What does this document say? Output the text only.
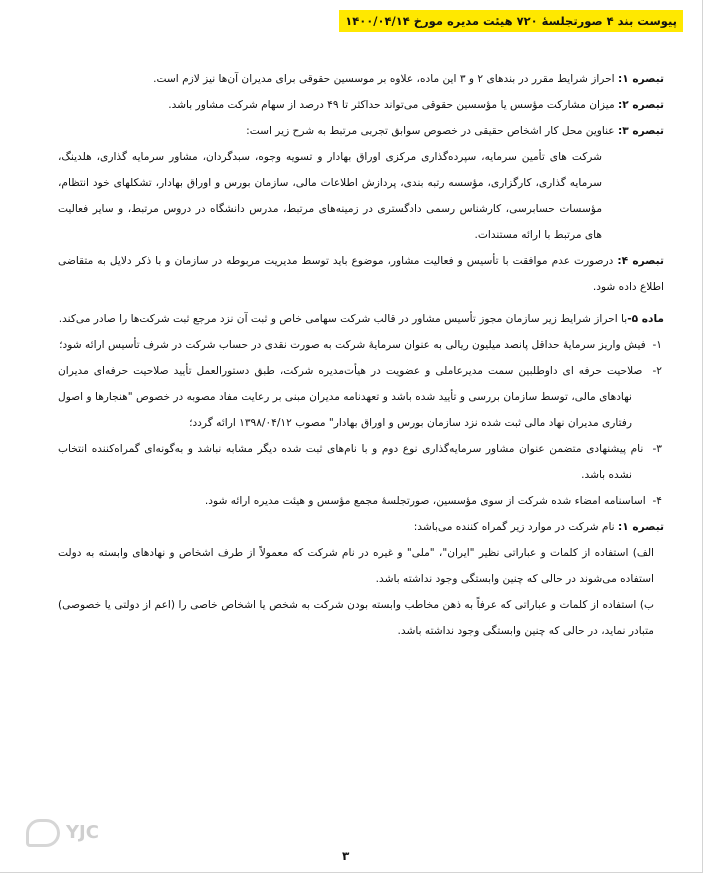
پیوست بند ۴ صورتجلسهٔ ۷۲۰ هیئت مدیره مورخ ۱۴۰۰/۰۴/۱۴

تبصره ۱: احراز شرایط مقرر در بندهای ۲ و ۳ این ماده، علاوه بر موسسین حقوقی برای مدیران آن‌ها نیز لازم است.

تبصره ۲: میزان مشارکت مؤسس یا مؤسسین حقوقی می‌تواند حداکثر تا ۴۹ درصد از سهام شرکت مشاور باشد.

تبصره ۳: عناوین محل کار اشخاص حقیقی در خصوص سوابق تجربی مرتبط به شرح زیر است:

شرکت های تأمین سرمایه، سپرده‌گذاری مرکزی اوراق بهادار و تسویه وجوه، سبدگردان، مشاور سرمایه گذاری، هلدینگ، سرمایه گذاری، کارگزاری، مؤسسه رتبه بندی، پردازش اطلاعات مالی، سازمان بورس و اوراق بهادار، تشکلهای خود انتظام، مؤسسات حسابرسی، کارشناس رسمی دادگستری در زمینه‌های مرتبط، مدرس دانشگاه در دروس مرتبط، و سایر فعالیت های مرتبط با ارائه مستندات.

تبصره ۴: درصورت عدم موافقت با تأسیس و فعالیت مشاور، موضوع باید توسط مدیریت مربوطه در سازمان و با ذکر دلایل به متقاضی اطلاع داده شود.

ماده ۵-با احراز شرایط زیر سازمان مجوز تأسیس مشاور در قالب شرکت سهامی خاص و ثبت آن نزد مرجع ثبت شرکت‌ها را صادر می‌کند.

۱-  فیش واریز سرمایهٔ حداقل پانصد میلیون ریالی به عنوان سرمایهٔ شرکت به صورت نقدی در حساب شرکت در شرف تأسیس ارائه شود؛

۲-  صلاحیت حرفه ای داوطلبین سمت مدیرعاملی و عضویت در هیأت‌مدیره شرکت، طبق دستورالعمل تأیید صلاحیت حرفه‌ای مدیران نهادهای مالی، توسط سازمان بررسی و تأیید شده باشد و تعهدنامه مدیران مبنی بر رعایت مفاد مصوبه در خصوص "هنجارها و اصول رفتاری مدیران نهاد مالی ثبت شده نزد سازمان بورس و اوراق بهادار" مصوب ۱۳۹۸/۰۴/۱۲ ارائه گردد؛

۳-  نام پیشنهادی متضمن عنوان مشاور سرمایه‌گذاری نوع دوم و با نام‌های ثبت شده دیگر مشابه نباشد و به‌گونه‌ای گمراه‌کننده انتخاب نشده باشد.

۴-  اساسنامه امضاء شده شرکت از سوی مؤسسین، صورتجلسهٔ مجمع مؤسس و هیئت مدیره ارائه شود.

تبصره ۱: نام شرکت در موارد زیر گمراه کننده می‌باشد:

الف) استفاده از کلمات و عباراتی نظیر "ایران"، "ملی" و غیره در نام شرکت که معمولاً از طرف اشخاص و نهادهای وابسته به دولت استفاده می‌شوند در حالی که چنین وابستگی وجود نداشته باشد.

ب) استفاده از کلمات و عباراتی که عرفاً به ذهن مخاطب وابسته بودن شرکت به شخص یا اشخاص خاصی را (اعم از دولتی یا خصوصی) متبادر نماید، در حالی که چنین وابستگی وجود نداشته باشد.

YJC
۳
